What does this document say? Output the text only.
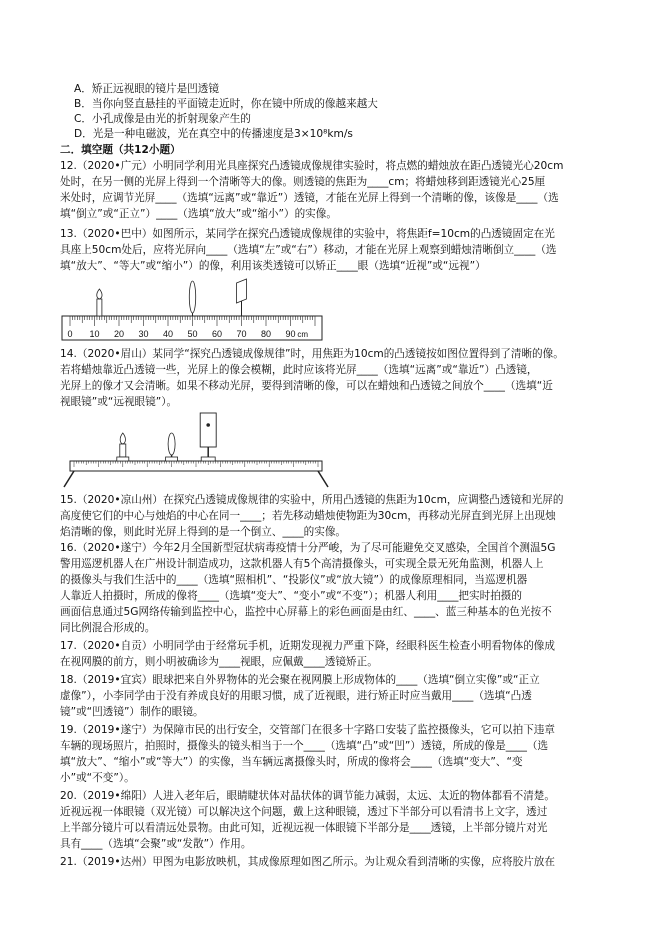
A．矫正远视眼的镜片是凹透镜
B．当你向竖直悬挂的平面镜走近时，你在镜中所成的像越来越大
C．小孔成像是由光的折射现象产生的
D．光是一种电磁波，光在真空中的传播速度是3×10⁸km/s
二．填空题（共12小题）
12.（2020•广元）小明同学利用光具座探究凸透镜成像规律实验时，将点燃的蜡烛放在距凸透镜光心20cm
处时，在另一侧的光屏上得到一个清晰等大的像。则透镜的焦距为____cm；将蜡烛移到距透镜光心25厘
米处时，应调节光屏____（选填“远离”或“靠近”）透镜，才能在光屏上得到一个清晰的像，该像是____（选
填“倒立”或“正立”）____（选填“放大”或“缩小”）的实像。
13.（2020•巴中）如图所示，某同学在探究凸透镜成像规律的实验中，将焦距f=10cm的凸透镜固定在光
具座上50cm处后，应将光屏向____（选填“左”或“右”）移动，才能在光屏上观察到蜡烛清晰倒立____（选
填“放大”、“等大”或“缩小”）的像，利用该类透镜可以矫正____眼（选填“近视”或“远视”）
0 10 20 30 40 50 60 70 80 90 cm
14.（2020•眉山）某同学“探究凸透镜成像规律”时，用焦距为10cm的凸透镜按如图位置得到了清晰的像。
若将蜡烛靠近凸透镜一些，光屏上的像会模糊，此时应该将光屏____（选填“远离”或“靠近”）凸透镜，
光屏上的像才又会清晰。如果不移动光屏，要得到清晰的像，可以在蜡烛和凸透镜之间放个____（选填“近
视眼镜”或“远视眼镜”）。
15.（2020•凉山州）在探究凸透镜成像规律的实验中，所用凸透镜的焦距为10cm，应调整凸透镜和光屏的
高度使它们的中心与烛焰的中心在同一____；若先移动蜡烛使物距为30cm，再移动光屏直到光屏上出现烛
焰清晰的像，则此时光屏上得到的是一个倒立、____的实像。
16.（2020•遂宁）今年2月全国新型冠状病毒疫情十分严峻，为了尽可能避免交叉感染，全国首个测温5G
警用巡逻机器人在广州设计制造成功，这款机器人有5个高清摄像头，可实现全景无死角监测，机器人上
的摄像头与我们生活中的____（选填“照相机”、“投影仪”或“放大镜”）的成像原理相同，当巡逻机器
人靠近人拍摄时，所成的像将____（选填“变大”、“变小”或“不变”）；机器人利用____把实时拍摄的
画面信息通过5G网络传输到监控中心，监控中心屏幕上的彩色画面是由红、____、蓝三种基本的色光按不
同比例混合形成的。
17.（2020•自贡）小明同学由于经常玩手机，近期发现视力严重下降，经眼科医生检查小明看物体的像成
在视网膜的前方，则小明被确诊为____视眼，应佩戴____透镜矫正。
18.（2019•宜宾）眼球把来自外界物体的光会聚在视网膜上形成物体的____（选填“倒立实像”或“正立
虚像”），小李同学由于没有养成良好的用眼习惯，成了近视眼，进行矫正时应当戴用____（选填“凸透
镜”或“凹透镜”）制作的眼镜。
19.（2019•遂宁）为保障市民的出行安全，交管部门在很多十字路口安装了监控摄像头，它可以拍下违章
车辆的现场照片，拍照时，摄像头的镜头相当于一个____（选填“凸”或“凹”）透镜，所成的像是____（选
填“放大”、“缩小”或“等大”）的实像，当车辆远离摄像头时，所成的像将会____（选填“变大”、“变
小”或“不变”）。
20.（2019•绵阳）人进入老年后，眼睛睫状体对晶状体的调节能力减弱，太远、太近的物体都看不清楚。
近视远视一体眼镜（双光镜）可以解决这个问题，戴上这种眼镜，透过下半部分可以看清书上文字，透过
上半部分镜片可以看清远处景物。由此可知，近视远视一体眼镜下半部分是____透镜，上半部分镜片对光
具有____（选填“会聚”或“发散”）作用。
21.（2019•达州）甲图为电影放映机，其成像原理如图乙所示。为让观众看到清晰的实像，应将胶片放在
